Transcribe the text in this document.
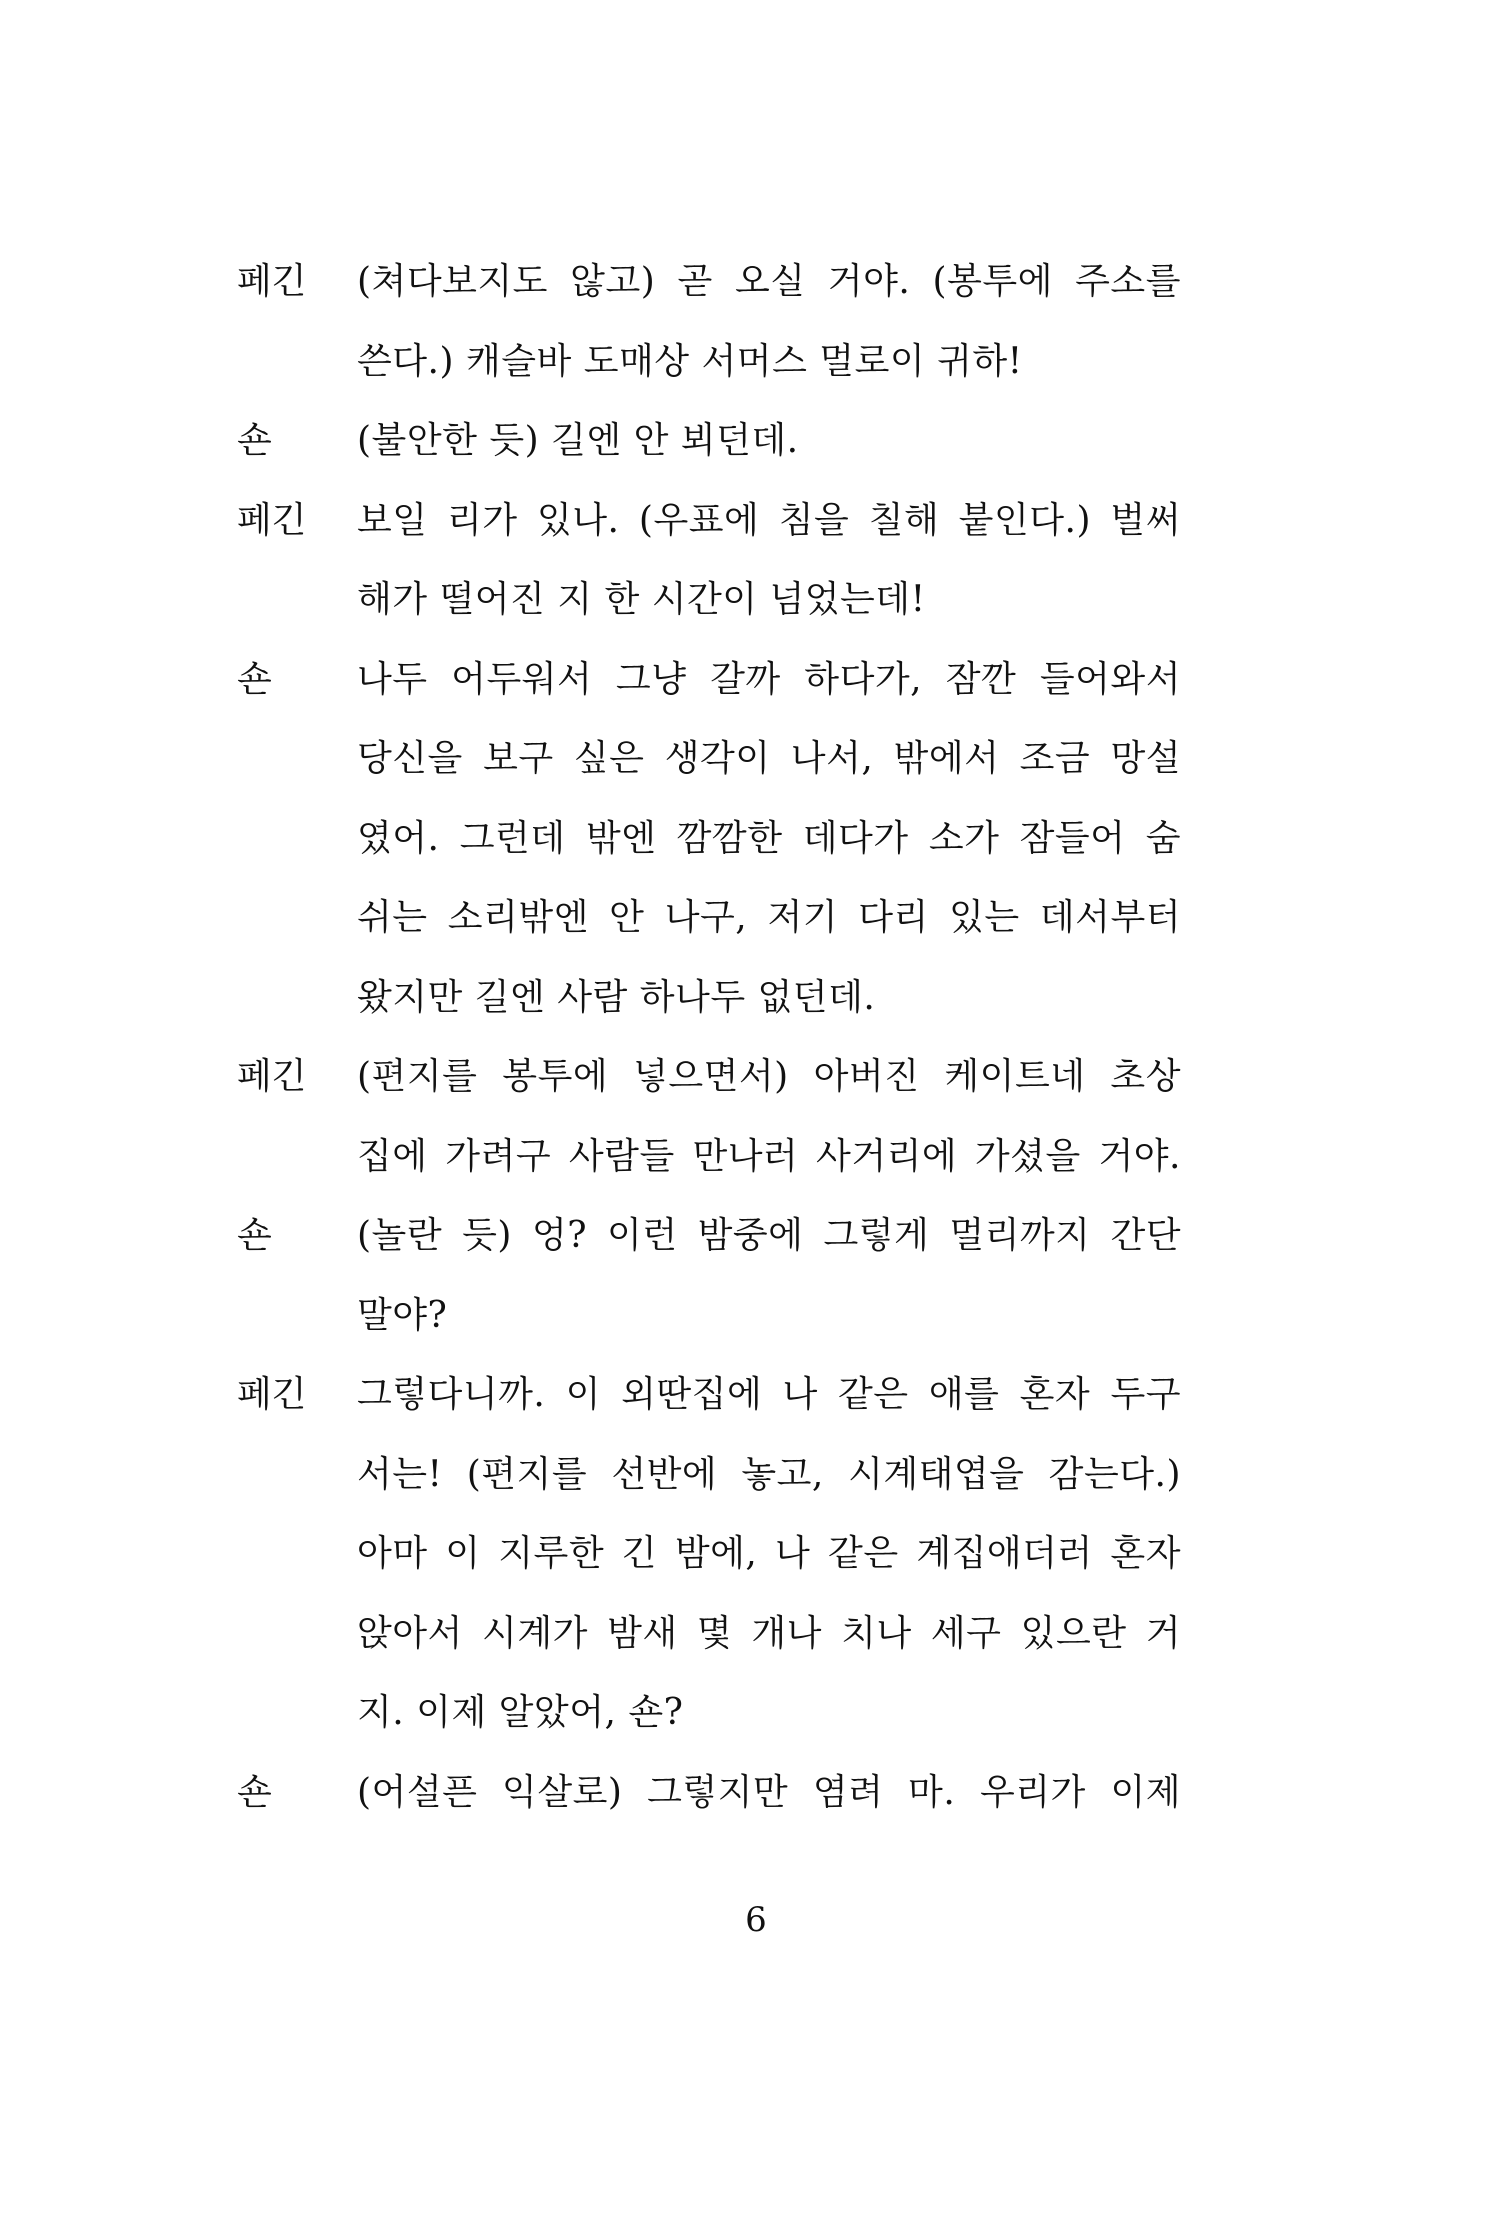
페긴	(쳐다보지도 않고) 곧 오실 거야. (봉투에 주소를
쓴다.) 캐슬바 도매상 서머스 멀로이 귀하!
숀	(불안한 듯) 길엔 안 뵈던데.
페긴	보일 리가 있나. (우표에 침을 칠해 붙인다.) 벌써
해가 떨어진 지 한 시간이 넘었는데!
숀	나두 어두워서 그냥 갈까 하다가, 잠깐 들어와서
당신을 보구 싶은 생각이 나서, 밖에서 조금 망설
였어. 그런데 밖엔 깜깜한 데다가 소가 잠들어 숨
쉬는 소리밖엔 안 나구, 저기 다리 있는 데서부터
왔지만 길엔 사람 하나두 없던데.
페긴	(편지를 봉투에 넣으면서) 아버진 케이트네 초상
집에 가려구 사람들 만나러 사거리에 가셨을 거야.
숀	(놀란 듯) 엉? 이런 밤중에 그렇게 멀리까지 간단
말야?
페긴	그렇다니까. 이 외딴집에 나 같은 애를 혼자 두구
서는! (편지를 선반에 놓고, 시계태엽을 감는다.)
아마 이 지루한 긴 밤에, 나 같은 계집애더러 혼자
앉아서 시계가 밤새 몇 개나 치나 세구 있으란 거
지. 이제 알았어, 숀?
숀	(어설픈 익살로) 그렇지만 염려 마. 우리가 이제
6
